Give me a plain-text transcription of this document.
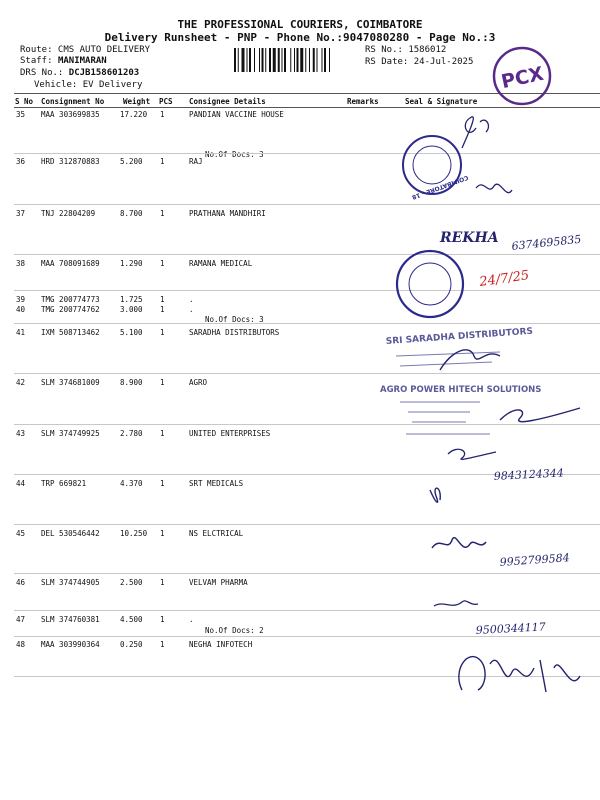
THE PROFESSIONAL COURIERS, COIMBATORE
Delivery Runsheet - PNP - Phone No.:9047080280 - Page No.:3
Route: CMS AUTO DELIVERY
Staff: MANIMARAN
DRS No.: DCJB158601203
Vehicle: EV Delivery
RS No.: 1586012
RS Date: 24-Jul-2025
S No Consignment No	Weight PCS Consignee Details	Remarks	Seal & Signature
35 MAA 303699835	17.220 1	PANDIAN VACCINE HOUSE
No.Of Docs: 3
36 HRD 312870883	5.200 1	RAJ
37 TNJ 22804209	8.700 1	PRATHANA MANDHIRI
38 MAA 708091689	1.290 1	RAMANA MEDICAL
39 TMG 200774773	1.725 1	.
40 TMG 200774762	3.000 1	.
No.Of Docs: 3
41 IXM 508713462	5.100 1	SARADHA DISTRIBUTORS
42 SLM 374681009	8.900 1	AGRO
43 SLM 374749925	2.780 1	UNITED ENTERPRISES
44 TRP 669821	4.370 1	SRT MEDICALS
45 DEL 530546442	10.250 1	NS ELCTRICAL
46 SLM 374744905	2.500 1	VELVAM PHARMA
47 SLM 374760381	4.500 1	.
No.Of Docs: 2
48 MAA 303990364	0.250 1	NEGHA INFOTECH
PCX
COIMBATORE - 18
REKHA 6374695835
24/7/25
SRI SARADHA DISTRIBUTORS
AGRO POWER HITECH SOLUTIONS
9843124344
9952799584
9500344117
